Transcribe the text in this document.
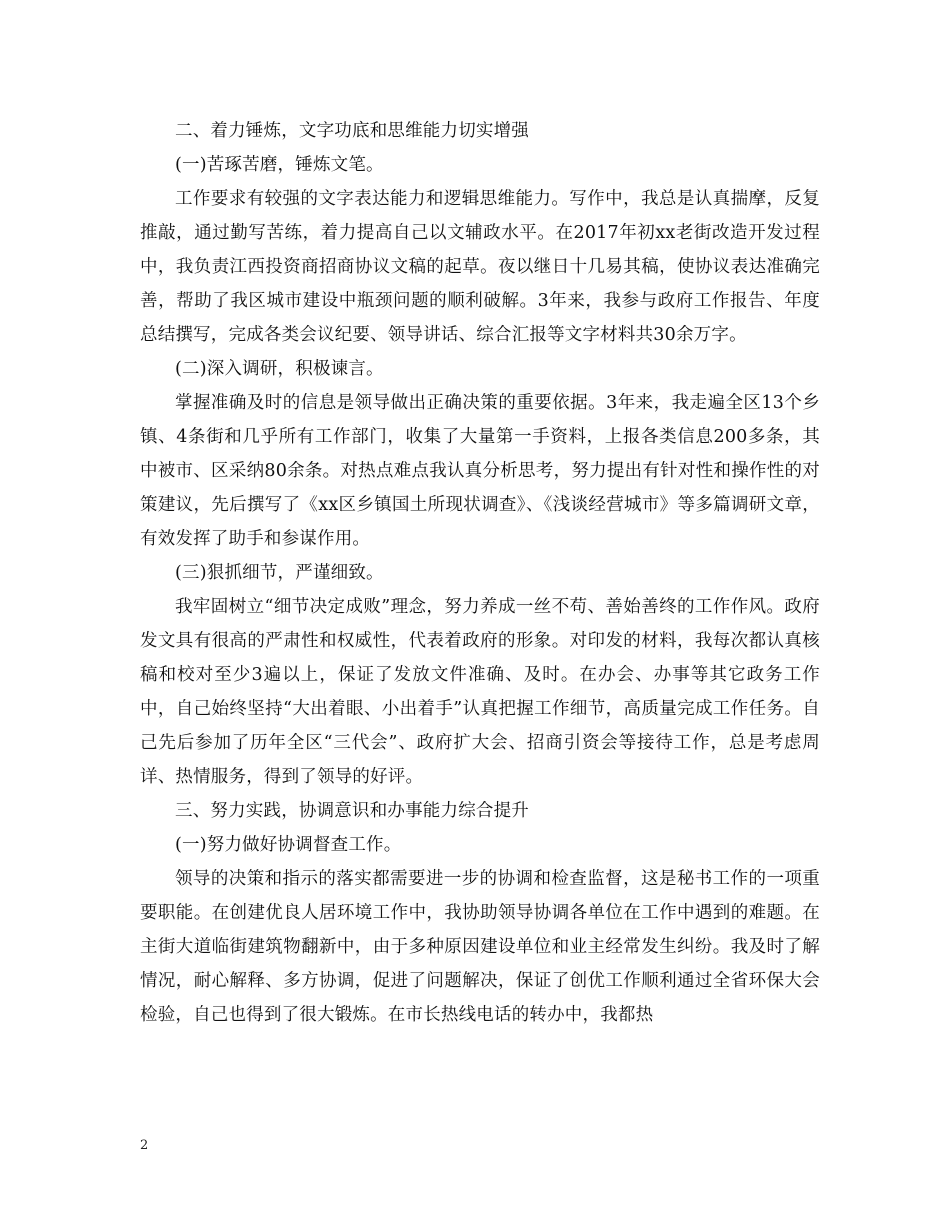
二、着力锤炼，文字功底和思维能力切实增强

(一)苦琢苦磨，锤炼文笔。

工作要求有较强的文字表达能力和逻辑思维能力。写作中，我总是认真揣摩，反复推敲，通过勤写苦练，着力提高自己以文辅政水平。在2017年初xx老街改造开发过程中，我负责江西投资商招商协议文稿的起草。夜以继日十几易其稿，使协议表达准确完善，帮助了我区城市建设中瓶颈问题的顺利破解。3年来，我参与政府工作报告、年度总结撰写，完成各类会议纪要、领导讲话、综合汇报等文字材料共30余万字。

(二)深入调研，积极谏言。

掌握准确及时的信息是领导做出正确决策的重要依据。3年来，我走遍全区13个乡镇、4条街和几乎所有工作部门，收集了大量第一手资料，上报各类信息200多条，其中被市、区采纳80余条。对热点难点我认真分析思考，努力提出有针对性和操作性的对策建议，先后撰写了《xx区乡镇国土所现状调查》、《浅谈经营城市》等多篇调研文章，有效发挥了助手和参谋作用。

(三)狠抓细节，严谨细致。

我牢固树立“细节决定成败”理念，努力养成一丝不苟、善始善终的工作作风。政府发文具有很高的严肃性和权威性，代表着政府的形象。对印发的材料，我每次都认真核稿和校对至少3遍以上，保证了发放文件准确、及时。在办会、办事等其它政务工作中，自己始终坚持“大出着眼、小出着手”认真把握工作细节，高质量完成工作任务。自己先后参加了历年全区“三代会”、政府扩大会、招商引资会等接待工作，总是考虑周详、热情服务，得到了领导的好评。

三、努力实践，协调意识和办事能力综合提升

(一)努力做好协调督查工作。

领导的决策和指示的落实都需要进一步的协调和检查监督，这是秘书工作的一项重要职能。在创建优良人居环境工作中，我协助领导协调各单位在工作中遇到的难题。在主街大道临街建筑物翻新中，由于多种原因建设单位和业主经常发生纠纷。我及时了解情况，耐心解释、多方协调，促进了问题解决，保证了创优工作顺利通过全省环保大会检验，自己也得到了很大锻炼。在市长热线电话的转办中，我都热

2
